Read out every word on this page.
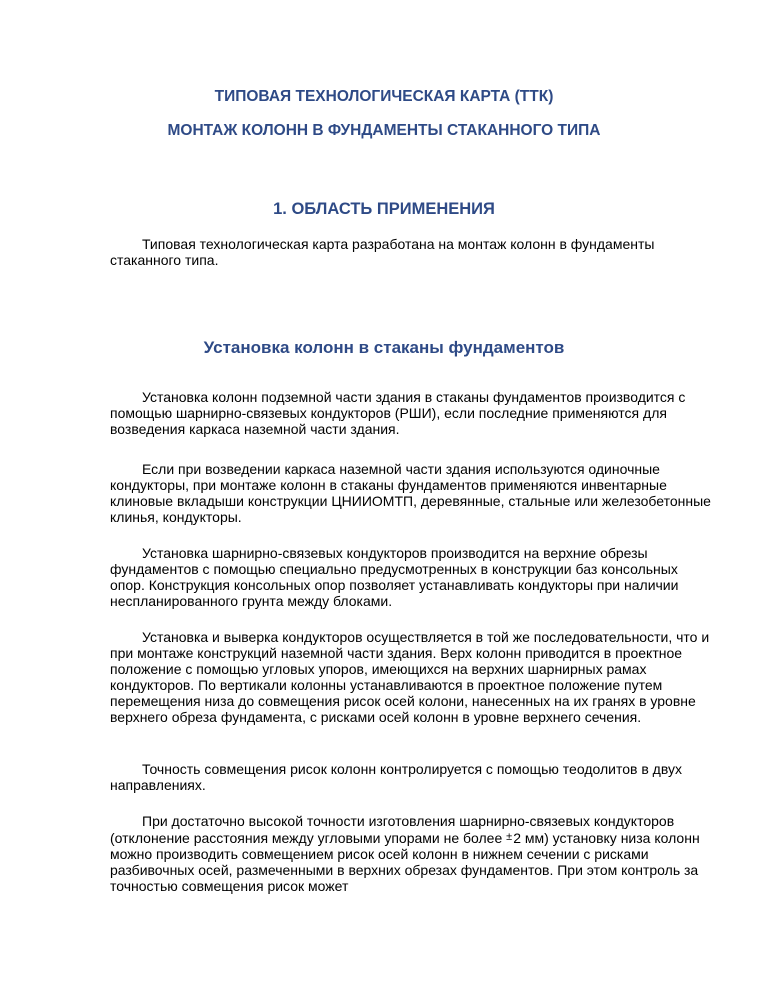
ТИПОВАЯ ТЕХНОЛОГИЧЕСКАЯ КАРТА (ТТК)
МОНТАЖ КОЛОНН В ФУНДАМЕНТЫ СТАКАННОГО ТИПА
1. ОБЛАСТЬ ПРИМЕНЕНИЯ

Типовая технологическая карта разработана на монтаж колонн в фундаменты стаканного типа.

Установка колонн в стаканы фундаментов

Установка колонн подземной части здания в стаканы фундаментов производится с помощью шарнирно-связевых кондукторов (РШИ), если последние применяются для возведения каркаса наземной части здания.

Если при возведении каркаса наземной части здания используются одиночные кондукторы, при монтаже колонн в стаканы фундаментов применяются инвентарные клиновые вкладыши конструкции ЦНИИОМТП, деревянные, стальные или железобетонные клинья, кондукторы.

Установка шарнирно-связевых кондукторов производится на верхние обрезы фундаментов с помощью специально предусмотренных в конструкции баз консольных опор. Конструкция консольных опор позволяет устанавливать кондукторы при наличии неспланированного грунта между блоками.

Установка и выверка кондукторов осуществляется в той же последовательности, что и при монтаже конструкций наземной части здания. Верх колонн приводится в проектное положение с помощью угловых упоров, имеющихся на верхних шарнирных рамах кондукторов. По вертикали колонны устанавливаются в проектное положение путем перемещения низа до совмещения рисок осей колони, нанесенных на их гранях в уровне верхнего обреза фундамента, с рисками осей колонн в уровне верхнего сечения.

Точность совмещения рисок колонн контролируется с помощью теодолитов в двух направлениях.

При достаточно высокой точности изготовления шарнирно-связевых кондукторов (отклонение расстояния между угловыми упорами не более ±2 мм) установку низа колонн можно производить совмещением рисок осей колонн в нижнем сечении с рисками разбивочных осей, размеченными в верхних обрезах фундаментов. При этом контроль за точностью совмещения рисок может
